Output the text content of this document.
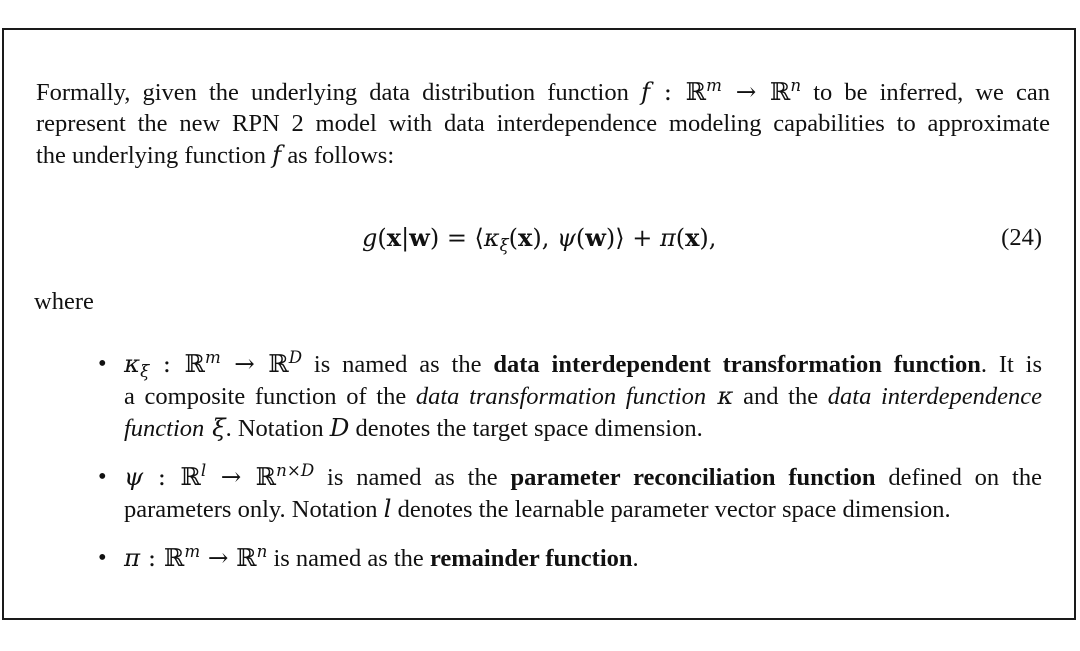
Formally, given the underlying data distribution function f : ℝ$^m$ → ℝ$^n$ to be inferred, we can
represent the new RPN 2 model with data interdependence modeling capabilities to approximate
the underlying function f as follows:
$g(x|w) = ⟨\kappa_\xi(x)$, ψ(w)⟩ + π(x),	(24)
where
• $\kappa_\xi$ : ℝ$^m$ → ℝ$^D$ is named as the data interdependent transformation function. It is
a composite function of the data transformation function κ and the data interdependence
function ξ. Notation D denotes the target space dimension.
• ψ : ℝ$^l$ → ℝ$^{n\times D}$ is named as the parameter reconciliation function defined on the
parameters only. Notation l denotes the learnable parameter vector space dimension.
• π : ℝ$^m$ → ℝ$^n$ is named as the remainder function.
